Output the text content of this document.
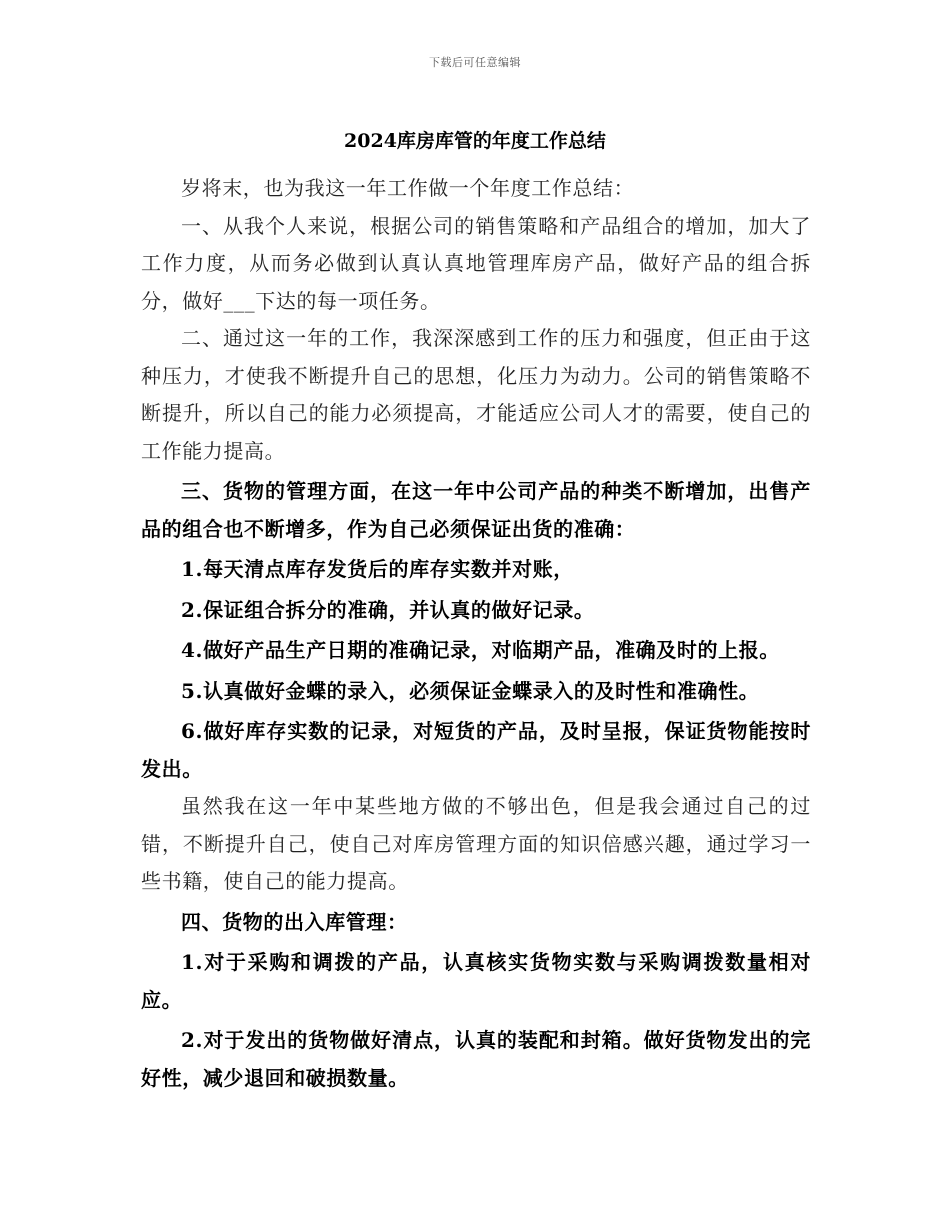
下载后可任意编辑
2024库房库管的年度工作总结

岁将末，也为我这一年工作做一个年度工作总结：

一、从我个人来说，根据公司的销售策略和产品组合的增加，加大了工作力度，从而务必做到认真认真地管理库房产品，做好产品的组合拆分，做好___下达的每一项任务。

二、通过这一年的工作，我深深感到工作的压力和强度，但正由于这种压力，才使我不断提升自己的思想，化压力为动力。公司的销售策略不断提升，所以自己的能力必须提高，才能适应公司人才的需要，使自己的工作能力提高。

三、货物的管理方面，在这一年中公司产品的种类不断增加，出售产品的组合也不断增多，作为自己必须保证出货的准确：

1.每天清点库存发货后的库存实数并对账，

2.保证组合拆分的准确，并认真的做好记录。

4.做好产品生产日期的准确记录，对临期产品，准确及时的上报。

5.认真做好金蝶的录入，必须保证金蝶录入的及时性和准确性。

6.做好库存实数的记录，对短货的产品，及时呈报，保证货物能按时发出。

虽然我在这一年中某些地方做的不够出色，但是我会通过自己的过错，不断提升自己，使自己对库房管理方面的知识倍感兴趣，通过学习一些书籍，使自己的能力提高。

四、货物的出入库管理：

1.对于采购和调拨的产品，认真核实货物实数与采购调拨数量相对应。

2.对于发出的货物做好清点，认真的装配和封箱。做好货物发出的完好性，减少退回和破损数量。
